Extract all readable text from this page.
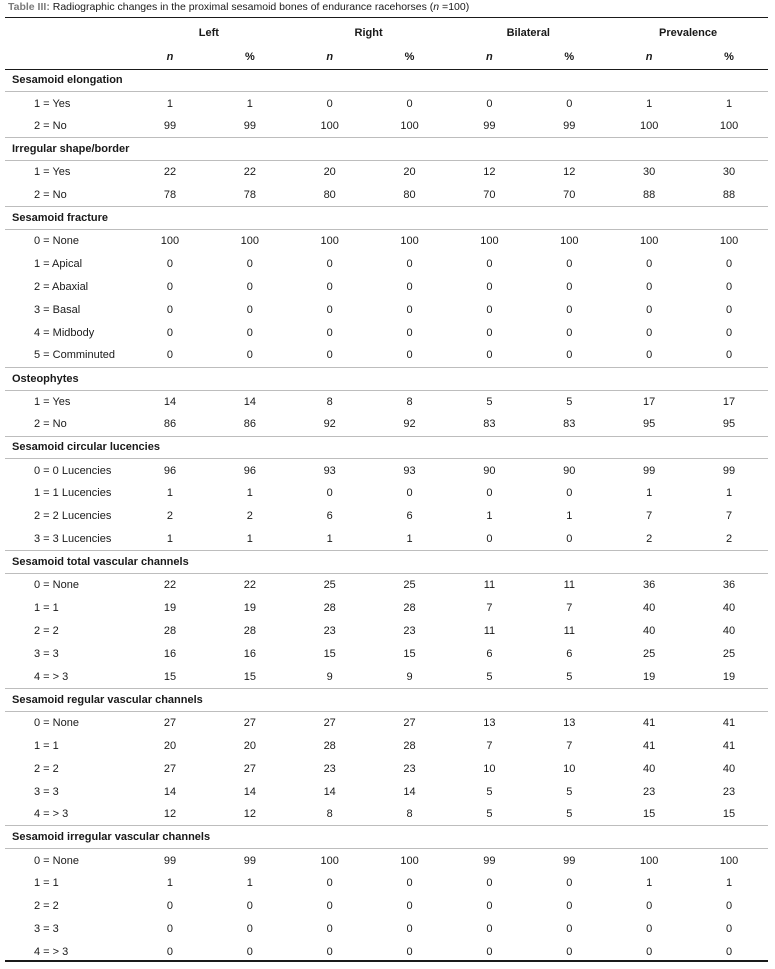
Table III: Radiographic changes in the proximal sesamoid bones of endurance racehorses (n =100)
	Left		Right		Bilateral		Prevalence	
	n	%	n	%	n	%	n	%
Sesamoid elongation								
1 = Yes	1	1	0	0	0	0	1	1
2 = No	99	99	100	100	99	99	100	100
Irregular shape/border								
1 = Yes	22	22	20	20	12	12	30	30
2 = No	78	78	80	80	70	70	88	88
Sesamoid fracture								
0 = None	100	100	100	100	100	100	100	100
1 = Apical	0	0	0	0	0	0	0	0
2 = Abaxial	0	0	0	0	0	0	0	0
3 = Basal	0	0	0	0	0	0	0	0
4 = Midbody	0	0	0	0	0	0	0	0
5 = Comminuted	0	0	0	0	0	0	0	0
Osteophytes								
1 = Yes	14	14	8	8	5	5	17	17
2 = No	86	86	92	92	83	83	95	95
Sesamoid circular lucencies								
0 = 0 Lucencies	96	96	93	93	90	90	99	99
1 = 1 Lucencies	1	1	0	0	0	0	1	1
2 = 2 Lucencies	2	2	6	6	1	1	7	7
3 = 3 Lucencies	1	1	1	1	0	0	2	2
Sesamoid total vascular channels								
0 = None	22	22	25	25	11	11	36	36
1 = 1	19	19	28	28	7	7	40	40
2 = 2	28	28	23	23	11	11	40	40
3 = 3	16	16	15	15	6	6	25	25
4 = > 3	15	15	9	9	5	5	19	19
Sesamoid regular vascular channels								
0 = None	27	27	27	27	13	13	41	41
1 = 1	20	20	28	28	7	7	41	41
2 = 2	27	27	23	23	10	10	40	40
3 = 3	14	14	14	14	5	5	23	23
4 = > 3	12	12	8	8	5	5	15	15
Sesamoid irregular vascular channels								
0 = None	99	99	100	100	99	99	100	100
1 = 1	1	1	0	0	0	0	1	1
2 = 2	0	0	0	0	0	0	0	0
3 = 3	0	0	0	0	0	0	0	0
4 = > 3	0	0	0	0	0	0	0	0
